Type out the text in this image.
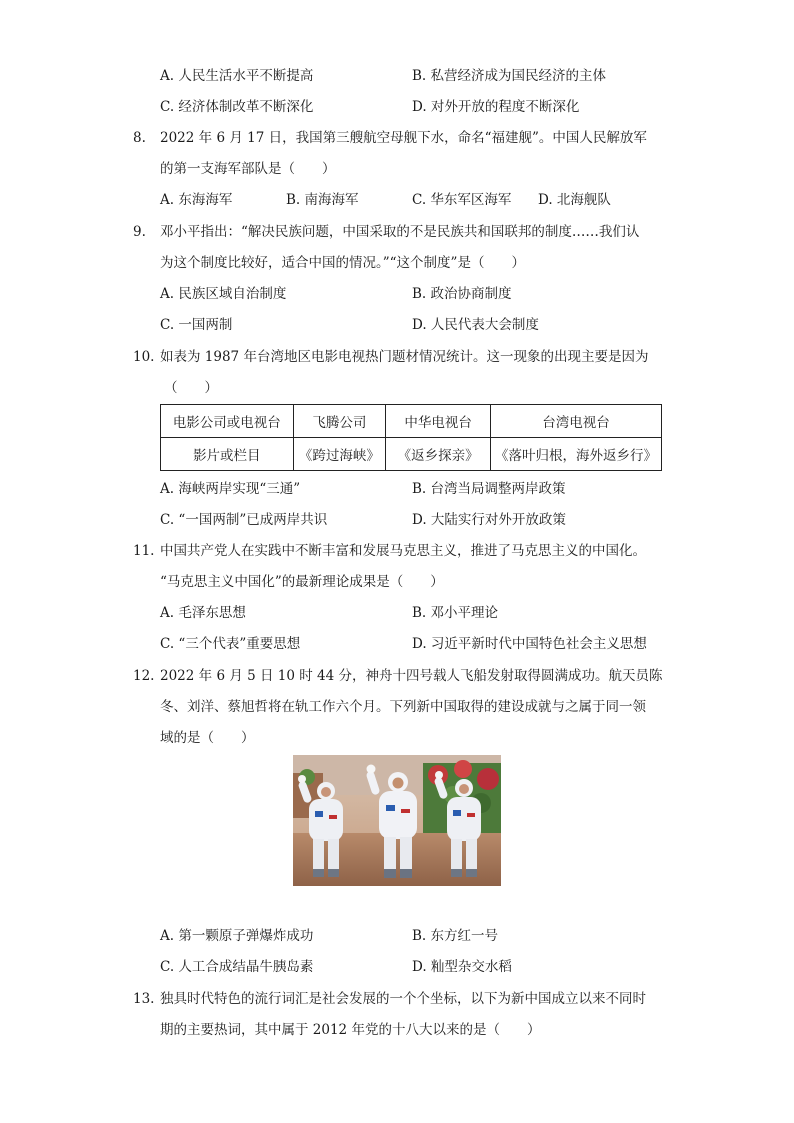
A. 人民生活水平不断提高	B. 私营经济成为国民经济的主体
C. 经济体制改革不断深化	D. 对外开放的程度不断深化
8. 2022 年 6 月 17 日，我国第三艘航空母舰下水，命名“福建舰”。中国人民解放军
的第一支海军部队是（　　）
A. 东海海军	B. 南海海军	C. 华东军区海军 D. 北海舰队
9. 邓小平指出：“解决民族问题，中国采取的不是民族共和国联邦的制度……我们认
为这个制度比较好，适合中国的情况。”“这个制度”是（　　）
A. 民族区域自治制度	B. 政治协商制度
C. 一国两制	D. 人民代表大会制度
10. 如表为 1987 年台湾地区电影电视热门题材情况统计。这一现象的出现主要是因为
（　　）
电影公司或电视台	飞腾公司	中华电视台	台湾电视台
影片或栏目	《跨过海峡》	《返乡探亲》	《落叶归根，海外返乡行》
A. 海峡两岸实现“三通”	B. 台湾当局调整两岸政策
C. “一国两制”已成两岸共识	D. 大陆实行对外开放政策
11. 中国共产党人在实践中不断丰富和发展马克思主义，推进了马克思主义的中国化。
“马克思主义中国化”的最新理论成果是（　　）
A. 毛泽东思想	B. 邓小平理论
C. “三个代表”重要思想	D. 习近平新时代中国特色社会主义思想
12. 2022 年 6 月 5 日 10 时 44 分，神舟十四号载人飞船发射取得圆满成功。航天员陈
冬、刘洋、蔡旭哲将在轨工作六个月。下列新中国取得的建设成就与之属于同一领
域的是（　　）
A. 第一颗原子弹爆炸成功	B. 东方红一号
C. 人工合成结晶牛胰岛素	D. 籼型杂交水稻
13. 独具时代特色的流行词汇是社会发展的一个个坐标，以下为新中国成立以来不同时
期的主要热词，其中属于 2012 年党的十八大以来的是（　　）
